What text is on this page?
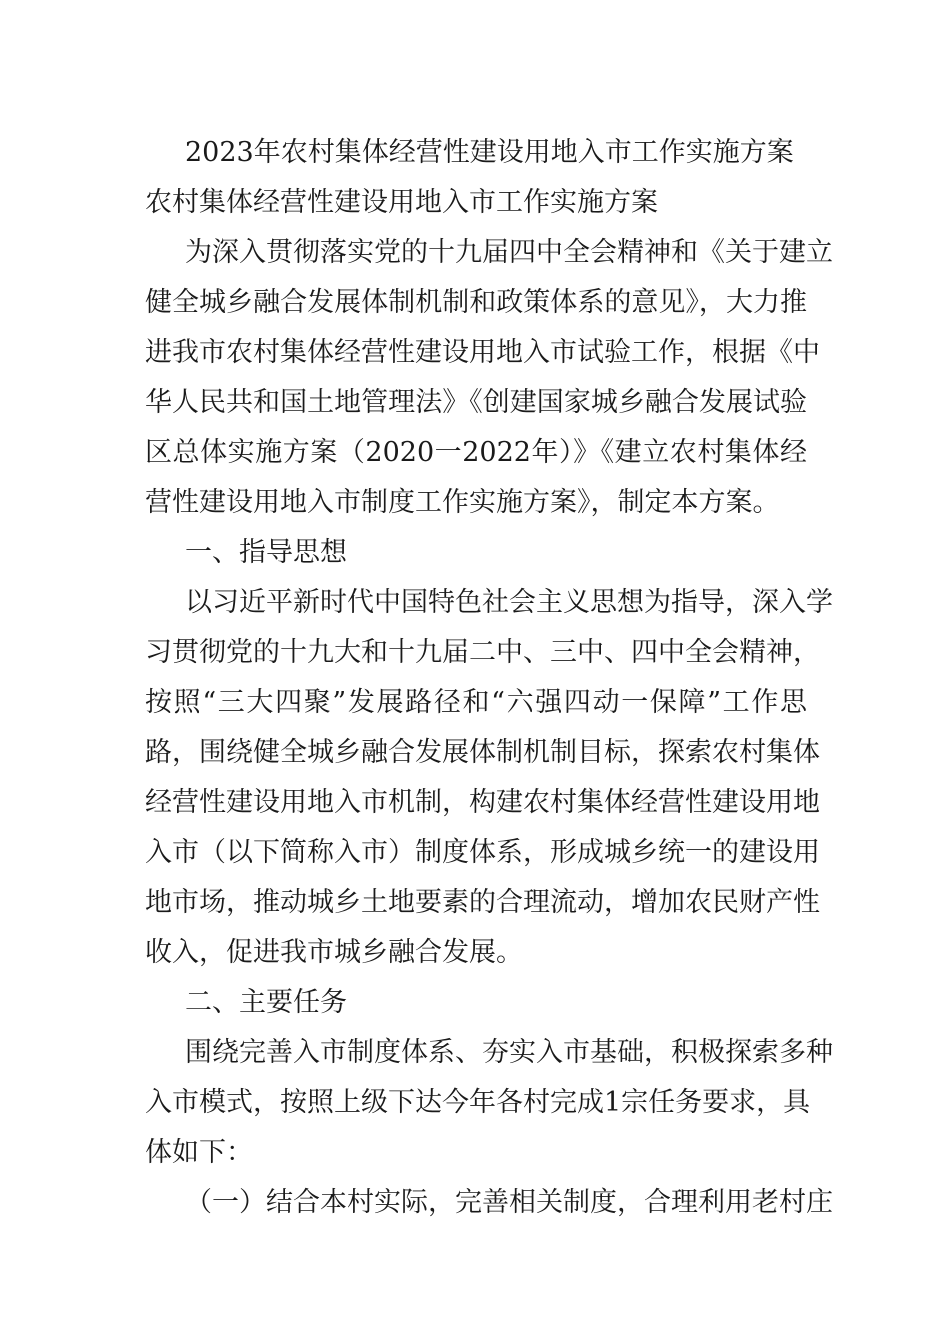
2023年农村集体经营性建设用地入市工作实施方案
农村集体经营性建设用地入市工作实施方案
为深入贯彻落实党的十九届四中全会精神和《关于建立
健全城乡融合发展体制机制和政策体系的意见》，大力推
进我市农村集体经营性建设用地入市试验工作，根据《中
华人民共和国土地管理法》《创建国家城乡融合发展试验
区总体实施方案（2020一2022年）》《建立农村集体经
营性建设用地入市制度工作实施方案》，制定本方案。
一、指导思想
以习近平新时代中国特色社会主义思想为指导，深入学
习贯彻党的十九大和十九届二中、三中、四中全会精神，
按照“三大四聚”发展路径和“六强四动一保障”工作思
路，围绕健全城乡融合发展体制机制目标，探索农村集体
经营性建设用地入市机制，构建农村集体经营性建设用地
入市（以下简称入市）制度体系，形成城乡统一的建设用
地市场，推动城乡土地要素的合理流动，增加农民财产性
收入，促进我市城乡融合发展。
二、主要任务
围绕完善入市制度体系、夯实入市基础，积极探索多种
入市模式，按照上级下达今年各村完成1宗任务要求，具
体如下：
（一）结合本村实际，完善相关制度，合理利用老村庄
